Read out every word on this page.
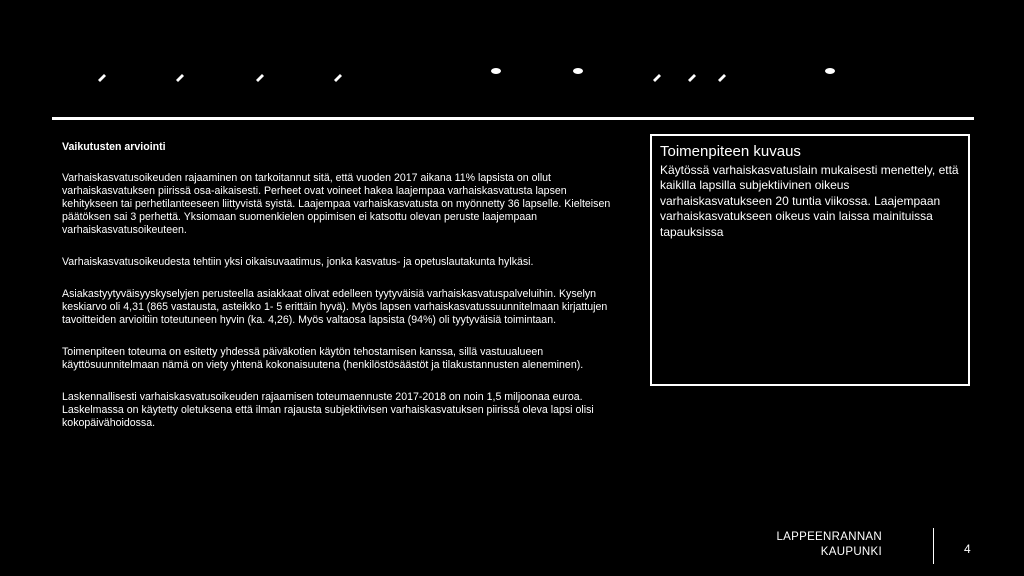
Vaikutusten arviointi
Varhaiskasvatusoikeuden rajaaminen on tarkoitannut sitä, että vuoden 2017 aikana 11% lapsista on ollut varhaiskasvatuksen piirissä osa-aikaisesti. Perheet ovat voineet hakea laajempaa varhaiskasvatusta lapsen kehitykseen tai perhetilanteeseen liittyvistä syistä. Laajempaa varhaiskasvatusta on myönnetty 36 lapselle. Kielteisen päätöksen sai 3 perhettä. Yksiomaan suomenkielen oppimisen ei katsottu olevan peruste laajempaan varhaiskasvatusoikeuteen.
Varhaiskasvatusoikeudesta tehtiin yksi oikaisuvaatimus, jonka kasvatus- ja opetuslautakunta hylkäsi.
Asiakastyytyväisyyskyselyjen perusteella asiakkaat olivat edelleen tyytyväisiä varhaiskasvatuspalveluihin. Kyselyn keskiarvo oli 4,31 (865 vastausta, asteikko 1- 5 erittäin hyvä). Myös lapsen varhaiskasvatussuunnitelmaan kirjattujen tavoitteiden arvioitiin toteutuneen hyvin (ka. 4,26). Myös valtaosa lapsista (94%) oli tyytyväisiä toimintaan.
Toimenpiteen toteuma on esitetty yhdessä päiväkotien käytön tehostamisen kanssa, sillä vastuualueen käyttösuunnitelmaan nämä on viety yhtenä kokonaisuutena (henkilöstösäästöt ja tilakustannusten aleneminen).
Laskennallisesti varhaiskasvatusoikeuden rajaamisen toteumaennuste 2017-2018 on noin 1,5 miljoonaa euroa. Laskelmassa on käytetty oletuksena että ilman rajausta subjektiivisen varhaiskasvatuksen piirissä oleva lapsi olisi kokopäivähoidossa.
Toimenpiteen kuvaus
Käytössä varhaiskasvatuslain mukaisesti menettely, että kaikilla lapsilla subjektiivinen oikeus varhaiskasvatukseen 20 tuntia viikossa. Laajempaan varhaiskasvatukseen oikeus vain laissa mainituissa tapauksissa
LAPPEENRANNAN
KAUPUNKI	4
